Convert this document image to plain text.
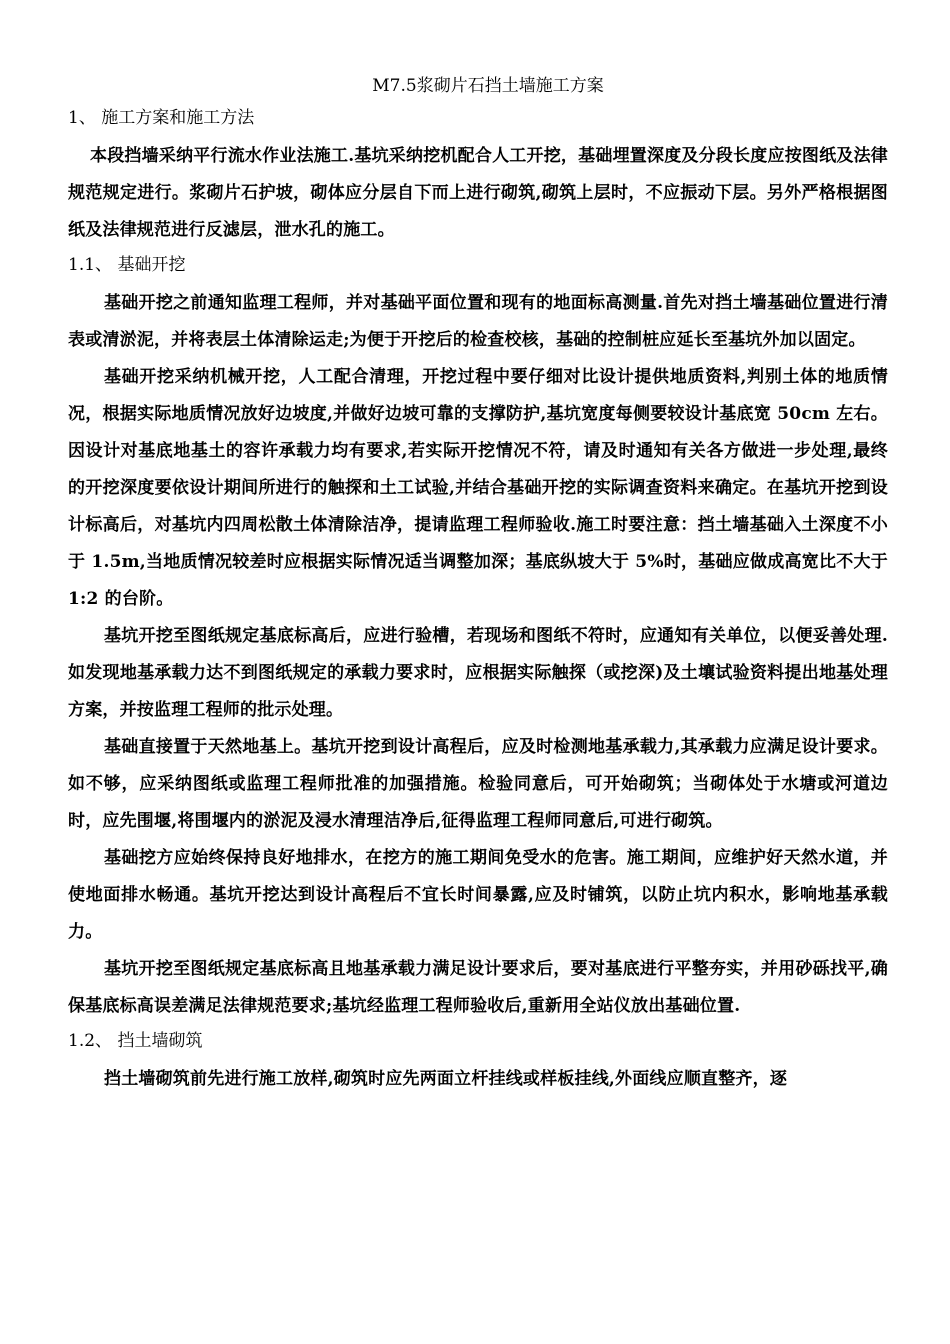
M7.5浆砌片石挡土墙施工方案

1、 施工方案和施工方法

本段挡墙采纳平行流水作业法施工.基坑采纳挖机配合人工开挖，基础埋置深度及分段长度应按图纸及法律规范规定进行。浆砌片石护坡，砌体应分层自下而上进行砌筑,砌筑上层时，不应振动下层。另外严格根据图纸及法律规范进行反滤层，泄水孔的施工。

1.1、 基础开挖

基础开挖之前通知监理工程师，并对基础平面位置和现有的地面标高测量.首先对挡土墙基础位置进行清表或清淤泥，并将表层土体清除运走;为便于开挖后的检查校核，基础的控制桩应延长至基坑外加以固定。

基础开挖采纳机械开挖，人工配合清理，开挖过程中要仔细对比设计提供地质资料,判别土体的地质情况，根据实际地质情况放好边坡度,并做好边坡可靠的支撑防护,基坑宽度每侧要较设计基底宽 50cm 左右。因设计对基底地基土的容许承载力均有要求,若实际开挖情况不符，请及时通知有关各方做进一步处理,最终的开挖深度要依设计期间所进行的触探和土工试验,并结合基础开挖的实际调查资料来确定。在基坑开挖到设计标高后，对基坑内四周松散土体清除洁净，提请监理工程师验收.施工时要注意：挡土墙基础入土深度不小于 1.5m,当地质情况较差时应根据实际情况适当调整加深；基底纵坡大于 5%时，基础应做成高宽比不大于 1:2 的台阶。

基坑开挖至图纸规定基底标高后，应进行验槽，若现场和图纸不符时，应通知有关单位，以便妥善处理.如发现地基承载力达不到图纸规定的承载力要求时，应根据实际触探（或挖深)及土壤试验资料提出地基处理方案，并按监理工程师的批示处理。

基础直接置于天然地基上。基坑开挖到设计高程后，应及时检测地基承载力,其承载力应满足设计要求。如不够，应采纳图纸或监理工程师批准的加强措施。检验同意后，可开始砌筑；当砌体处于水塘或河道边时，应先围堰,将围堰内的淤泥及浸水清理洁净后,征得监理工程师同意后,可进行砌筑。

基础挖方应始终保持良好地排水，在挖方的施工期间免受水的危害。施工期间，应维护好天然水道，并使地面排水畅通。基坑开挖达到设计高程后不宜长时间暴露,应及时铺筑，以防止坑内积水，影响地基承载力。

基坑开挖至图纸规定基底标高且地基承载力满足设计要求后，要对基底进行平整夯实，并用砂砾找平,确保基底标高误差满足法律规范要求;基坑经监理工程师验收后,重新用全站仪放出基础位置.

1.2、 挡土墙砌筑

挡土墙砌筑前先进行施工放样,砌筑时应先两面立杆挂线或样板挂线,外面线应顺直整齐，逐
